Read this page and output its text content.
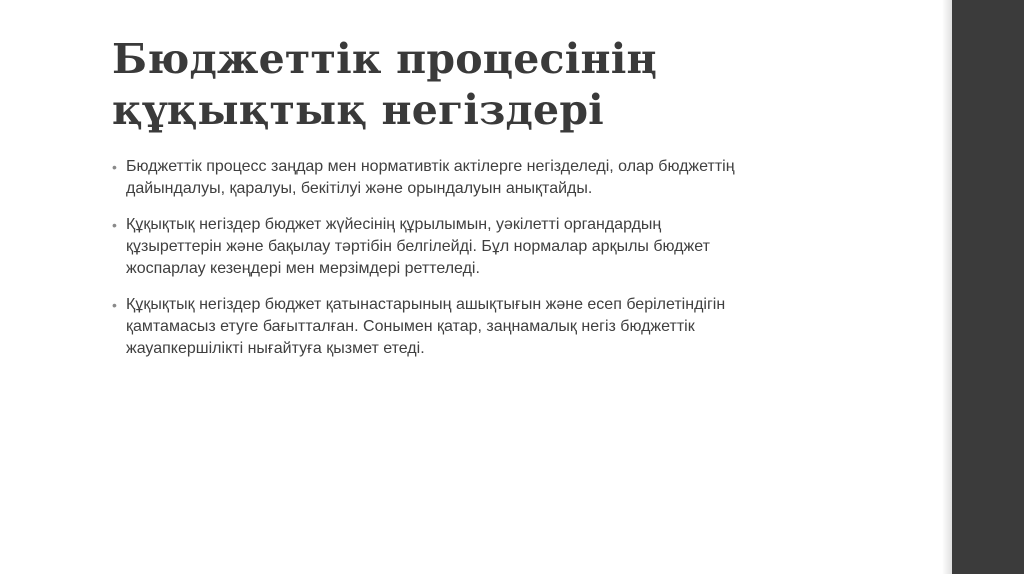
Бюджеттік процесінің
құқықтық негіздері
• Бюджеттік процесс заңдар мен нормативтік актілерге негізделеді, олар бюджеттің
дайындалуы, қаралуы, бекітілуі және орындалуын анықтайды.
• Құқықтық негіздер бюджет жүйесінің құрылымын, уәкілетті органдардың
құзыреттерін және бақылау тәртібін белгілейді. Бұл нормалар арқылы бюджет
жоспарлау кезеңдері мен мерзімдері реттеледі.
• Құқықтық негіздер бюджет қатынастарының ашықтығын және есеп берілетіндігін
қамтамасыз етуге бағытталған. Сонымен қатар, заңнамалық негіз бюджеттік
жауапкершілікті нығайтуға қызмет етеді.
